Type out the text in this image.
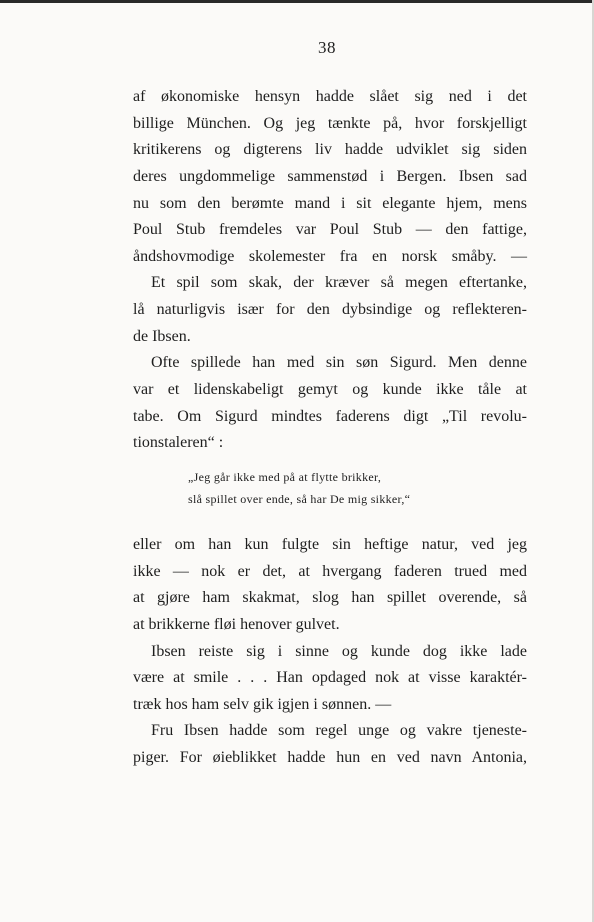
38
af økonomiske hensyn hadde slået sig ned i det
billige München. Og jeg tænkte på, hvor forskjelligt
kritikerens og digterens liv hadde udviklet sig siden
deres ungdommelige sammenstød i Bergen. Ibsen sad
nu som den berømte mand i sit elegante hjem, mens
Poul Stub fremdeles var Poul Stub — den fattige,
åndshovmodige skolemester fra en norsk småby. —
Et spil som skak, der kræver så megen eftertanke,
lå naturligvis især for den dybsindige og reflekteren-
de Ibsen.
Ofte spillede han med sin søn Sigurd. Men denne
var et lidenskabeligt gemyt og kunde ikke tåle at
tabe. Om Sigurd mindtes faderens digt „Til revolu-
tionstaleren“ :
„Jeg går ikke med på at flytte brikker,
slå spillet over ende, så har De mig sikker,“
eller om han kun fulgte sin heftige natur, ved jeg
ikke — nok er det, at hvergang faderen trued med
at gjøre ham skakmat, slog han spillet overende, så
at brikkerne fløi henover gulvet.
Ibsen reiste sig i sinne og kunde dog ikke lade
være at smile . . . Han opdaged nok at visse karaktér-
træk hos ham selv gik igjen i sønnen. —
Fru Ibsen hadde som regel unge og vakre tjeneste-
piger. For øieblikket hadde hun en ved navn Antonia,
